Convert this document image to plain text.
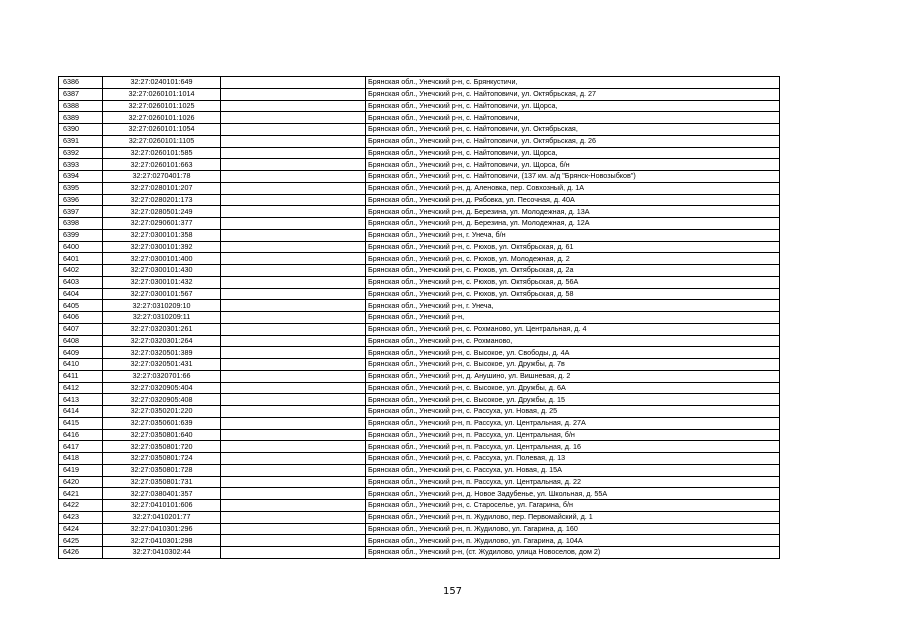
6386	32:27:0240101:649		Брянская обл., Унечский р-н, с. Брянкустичи,
6387	32:27:0260101:1014		Брянская обл., Унечский р-н, с. Найтоповичи, ул. Октябрьская, д. 27
6388	32:27:0260101:1025		Брянская обл., Унечский р-н, с. Найтоповичи, ул. Щорса,
6389	32:27:0260101:1026		Брянская обл., Унечский р-н, с. Найтоповичи,
6390	32:27:0260101:1054		Брянская обл., Унечский р-н, с. Найтоповичи, ул. Октябрьская,
6391	32:27:0260101:1105		Брянская обл., Унечский р-н, с. Найтоповичи, ул. Октябрьская, д. 26
6392	32:27:0260101:585		Брянская обл., Унечский р-н, с. Найтоповичи, ул. Щорса,
6393	32:27:0260101:663		Брянская обл., Унечский р-н, с. Найтоповичи, ул. Щорса, б/н
6394	32:27:0270401:78		Брянская обл., Унечский р-н, с. Найтоповичи, (137 км. а/д "Брянск-Новозыбков")
6395	32:27:0280101:207		Брянская обл., Унечский р-н, д. Аленовка, пер. Совхозный, д. 1А
6396	32:27:0280201:173		Брянская обл., Унечский р-н, д. Рябовка, ул. Песочная, д. 40А
6397	32:27:0280501:249		Брянская обл., Унечский р-н, д. Березина, ул. Молодежная, д. 13А
6398	32:27:0290601:377		Брянская обл., Унечский р-н, д. Березина, ул. Молодежная, д. 12А
6399	32:27:0300101:358		Брянская обл., Унечский р-н, г. Унеча, б/н
6400	32:27:0300101:392		Брянская обл., Унечский р-н, с. Рюхов, ул. Октябрьская, д. 61
6401	32:27:0300101:400		Брянская обл., Унечский р-н, с. Рюхов, ул. Молодежная, д. 2
6402	32:27:0300101:430		Брянская обл., Унечский р-н, с. Рюхов, ул. Октябрьская, д. 2а
6403	32:27:0300101:432		Брянская обл., Унечский р-н, с. Рюхов, ул. Октябрьская, д. 56А
6404	32:27:0300101:567		Брянская обл., Унечский р-н, с. Рюхов, ул. Октябрьская, д. 58
6405	32:27:0310209:10		Брянская обл., Унечский р-н, г. Унеча,
6406	32:27:0310209:11		Брянская обл., Унечский р-н,
6407	32:27:0320301:261		Брянская обл., Унечский р-н, с. Рохманово, ул. Центральная, д. 4
6408	32:27:0320301:264		Брянская обл., Унечский р-н, с. Рохманово,
6409	32:27:0320501:389		Брянская обл., Унечский р-н, с. Высокое, ул. Свободы, д. 4А
6410	32:27:0320501:431		Брянская обл., Унечский р-н, с. Высокое, ул. Дружбы, д. 7в
6411	32:27:0320701:66		Брянская обл., Унечский р-н, д. Анушино, ул. Вишневая, д. 2
6412	32:27:0320905:404		Брянская обл., Унечский р-н, с. Высокое, ул. Дружбы, д. 6А
6413	32:27:0320905:408		Брянская обл., Унечский р-н, с. Высокое, ул. Дружбы, д. 15
6414	32:27:0350201:220		Брянская обл., Унечский р-н, с. Рассуха, ул. Новая, д. 25
6415	32:27:0350601:639		Брянская обл., Унечский р-н, п. Рассуха, ул. Центральная, д. 27А
6416	32:27:0350801:640		Брянская обл., Унечский р-н, п. Рассуха, ул. Центральная, б/н
6417	32:27:0350801:720		Брянская обл., Унечский р-н, п. Рассуха, ул. Центральная, д. 16
6418	32:27:0350801:724		Брянская обл., Унечский р-н, с. Рассуха, ул. Полевая, д. 13
6419	32:27:0350801:728		Брянская обл., Унечский р-н, с. Рассуха, ул. Новая, д. 15А
6420	32:27:0350801:731		Брянская обл., Унечский р-н, п. Рассуха, ул. Центральная, д. 22
6421	32:27:0380401:357		Брянская обл., Унечский р-н, д. Новое Задубенье, ул. Школьная, д. 55А
6422	32:27:0410101:606		Брянская обл., Унечский р-н, с. Староселье, ул. Гагарина, б/н
6423	32:27:0410201:77		Брянская обл., Унечский р-н, п. Жудилово, пер. Первомайский, д. 1
6424	32:27:0410301:296		Брянская обл., Унечский р-н, п. Жудилово, ул. Гагарина, д. 160
6425	32:27:0410301:298		Брянская обл., Унечский р-н, п. Жудилово, ул. Гагарина, д. 104А
6426	32:27:0410302:44		Брянская обл., Унечский р-н, (ст. Жудилово, улица Новоселов, дом 2)
157
